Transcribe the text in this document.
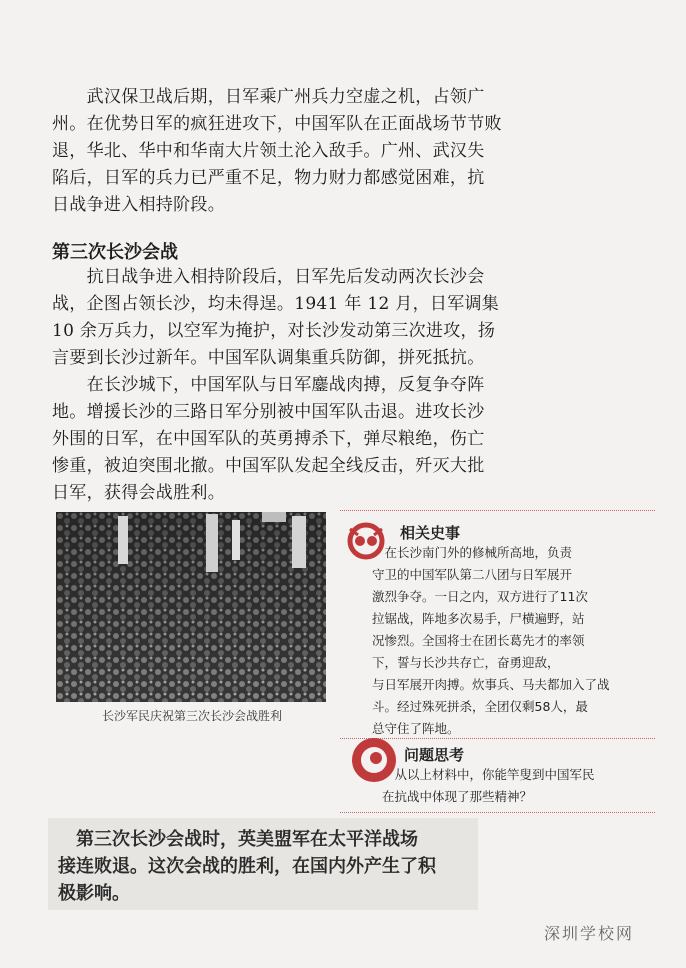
　　武汉保卫战后期，日军乘广州兵力空虚之机，占领广
州。在优势日军的疯狂进攻下，中国军队在正面战场节节败
退，华北、华中和华南大片领土沦入敌手。广州、武汉失
陷后，日军的兵力已严重不足，物力财力都感觉困难，抗
日战争进入相持阶段。

第三次长沙会战

　　抗日战争进入相持阶段后，日军先后发动两次长沙会
战，企图占领长沙，均未得逞。1941 年 12 月，日军调集
10 余万兵力，以空军为掩护，对长沙发动第三次进攻，扬
言要到长沙过新年。中国军队调集重兵防御，拼死抵抗。

　　在长沙城下，中国军队与日军鏖战肉搏，反复争夺阵
地。增援长沙的三路日军分别被中国军队击退。进攻长沙
外围的日军，在中国军队的英勇搏杀下，弹尽粮绝，伤亡
惨重，被迫突围北撤。中国军队发起全线反击，歼灭大批
日军，获得会战胜利。

长沙军民庆祝第三次长沙会战胜利
相关史事

　在长沙南门外的修械所高地，负责
守卫的中国军队第二八团与日军展开
激烈争夺。一日之内，双方进行了11次
拉锯战，阵地多次易手，尸横遍野，站
况惨烈。全国将士在团长葛先才的率领
下，誓与长沙共存亡，奋勇迎敌，
与日军展开肉搏。炊事兵、马夫都加入了战
斗。经过殊死拼杀，全团仅剩58人，最
总守住了阵地。

问题思考

　从以上材料中，你能竿叟到中国军民
在抗战中体现了那些精神？

　第三次长沙会战时，英美盟军在太平洋战场
接连败退。这次会战的胜利，在国内外产生了积
极影响。

深圳学校网
